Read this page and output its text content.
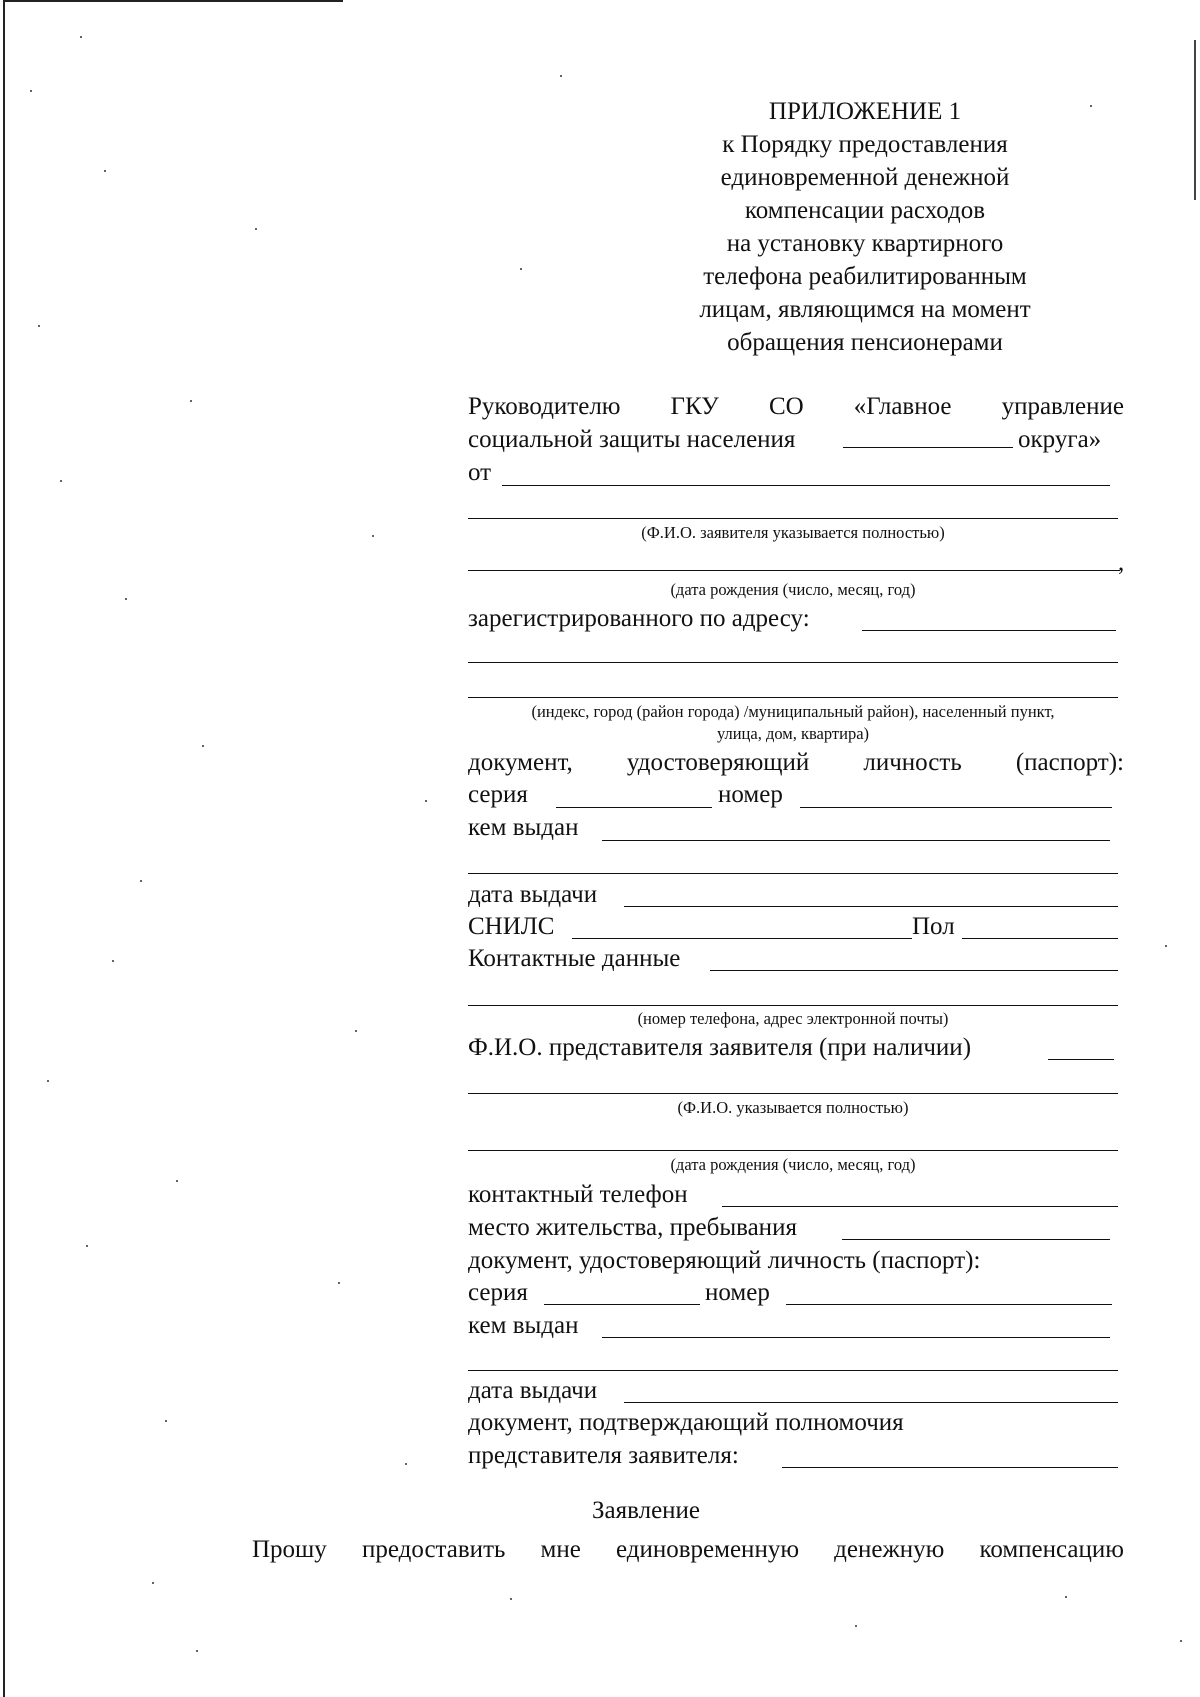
ПРИЛОЖЕНИЕ 1
к Порядку предоставления
единовременной денежной
компенсации расходов
на установку квартирного
телефона реабилитированным
лицам, являющимся на момент
обращения пенсионерами
Руководителю ГКУ СО «Главное управление
социальной защиты населения	округа»
от
(Ф.И.О. заявителя указывается полностью)
,
(дата рождения (число, месяц, год)
зарегистрированного по адресу:
(индекс, город (район города) /муниципальный район), населенный пункт,
улица, дом, квартира)
документ, удостоверяющий личность (паспорт):
серия	номер
кем выдан
дата выдачи
СНИЛС	Пол
Контактные данные
(номер телефона, адрес электронной почты)
Ф.И.О. представителя заявителя (при наличии)
(Ф.И.О. указывается полностью)
(дата рождения (число, месяц, год)
контактный телефон
место жительства, пребывания
документ, удостоверяющий личность (паспорт):
серия	номер
кем выдан
дата выдачи
документ, подтверждающий полномочия
представителя заявителя:
Заявление
Прошу предоставить мне единовременную денежную компенсацию
